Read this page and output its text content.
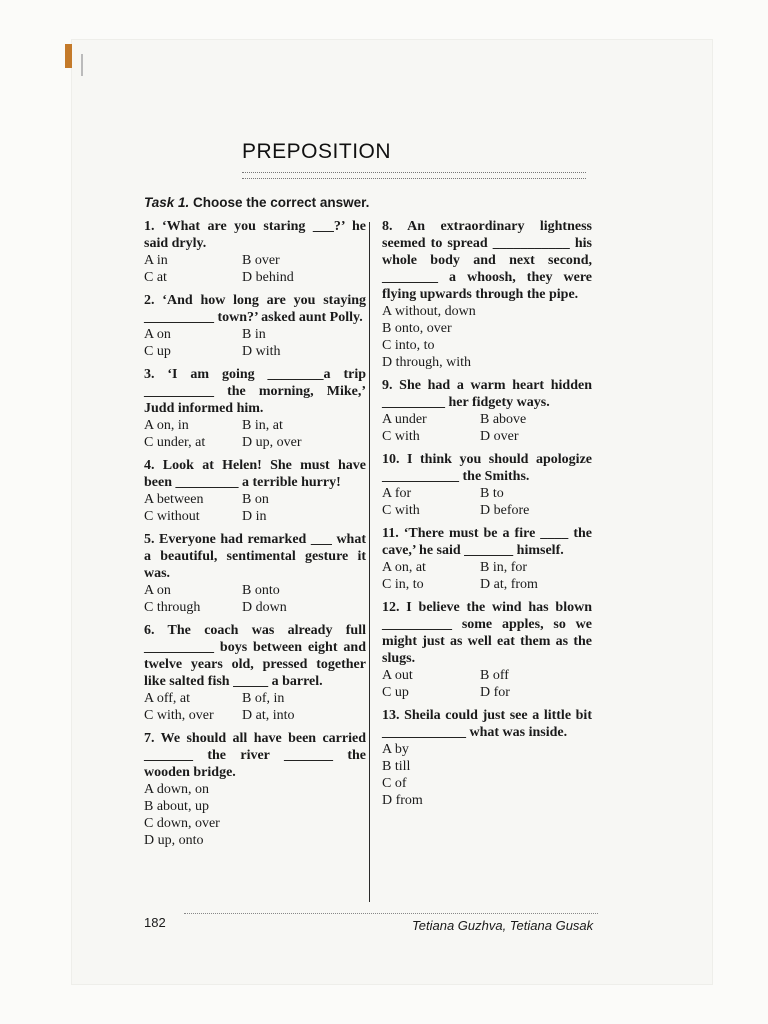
PREPOSITION
Task 1. Choose the correct answer.

1. ‘What are you staring ___?’ he said dryly.

A in	B over
C at	D behind

2. ‘And how long are you staying __________ town?’ asked aunt Polly.

A on	B in
C up	D with

3. ‘I am going ________a trip __________ the morning, Mike,’ Judd informed him.

A on, in	B in, at
C under, at	D up, over

4. Look at Helen! She must have been _________ a terrible hurry!

A between	B on
C without	D in

5. Everyone had remarked ___ what a beautiful, sentimental gesture it was.

A on	B onto
C through	D down

6. The coach was already full __________ boys between eight and twelve years old, pressed together like salted fish _____ a barrel.

A off, at	B of, in
C with, over	D at, into

7. We should all have been carried _______ the river _______ the wooden bridge.

A down, on
B about, up
C down, over
D up, onto

8. An extraordinary lightness seemed to spread ___________ his whole body and next second, ________ a whoosh, they were flying upwards through the pipe.

A without, down
B onto, over
C into, to
D through, with

9. She had a warm heart hidden _________ her fidgety ways.

A under	B above
C with	D over

10. I think you should apologize ___________ the Smiths.

A for	B to
C with	D before

11. ‘There must be a fire ____ the cave,’ he said _______ himself.

A on, at	B in, for
C in, to	D at, from

12. I believe the wind has blown __________ some apples, so we might just as well eat them as the slugs.

A out	B off
C up	D for

13. Sheila could just see a little bit ____________ what was inside.

A by
B till
C of
D from
182	Tetiana Guzhva, Tetiana Gusak
